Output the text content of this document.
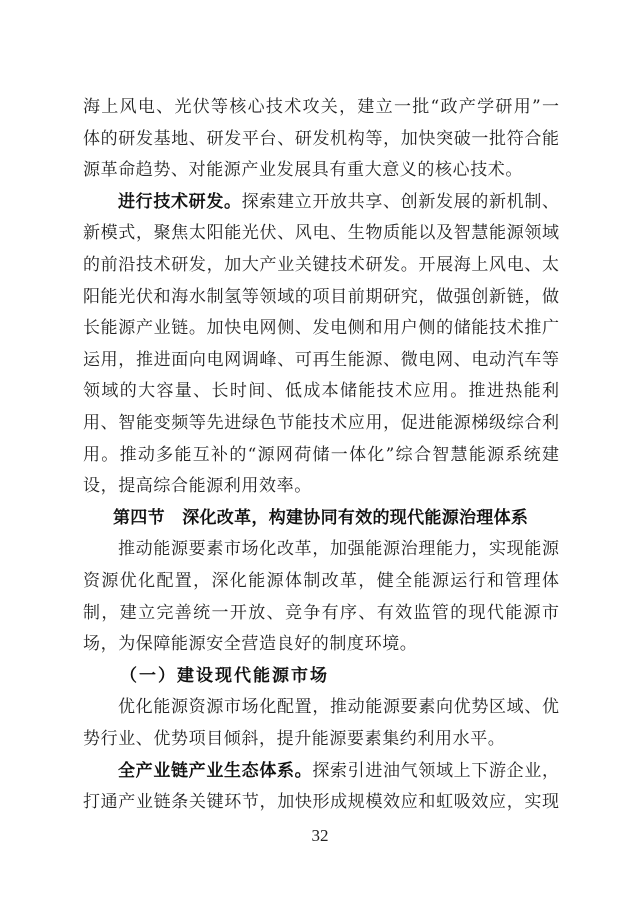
32
海上风电、光伏等核心技术攻关，建立一批“政产学研用”一
体的研发基地、研发平台、研发机构等，加快突破一批符合能
源革命趋势、对能源产业发展具有重大意义的核心技术。
进行技术研发。探索建立开放共享、创新发展的新机制、
新模式，聚焦太阳能光伏、风电、生物质能以及智慧能源领域
的前沿技术研发，加大产业关键技术研发。开展海上风电、太
阳能光伏和海水制氢等领域的项目前期研究，做强创新链，做
长能源产业链。加快电网侧、发电侧和用户侧的储能技术推广
运用，推进面向电网调峰、可再生能源、微电网、电动汽车等
领域的大容量、长时间、低成本储能技术应用。推进热能利
用、智能变频等先进绿色节能技术应用，促进能源梯级综合利
用。推动多能互补的“源网荷储一体化”综合智慧能源系统建
设，提高综合能源利用效率。
第四节　深化改革，构建协同有效的现代能源治理体系
推动能源要素市场化改革，加强能源治理能力，实现能源
资源优化配置，深化能源体制改革，健全能源运行和管理体
制，建立完善统一开放、竞争有序、有效监管的现代能源市
场，为保障能源安全营造良好的制度环境。
（一）建设现代能源市场
优化能源资源市场化配置，推动能源要素向优势区域、优
势行业、优势项目倾斜，提升能源要素集约利用水平。
全产业链产业生态体系。探索引进油气领域上下游企业，
打通产业链条关键环节，加快形成规模效应和虹吸效应，实现
